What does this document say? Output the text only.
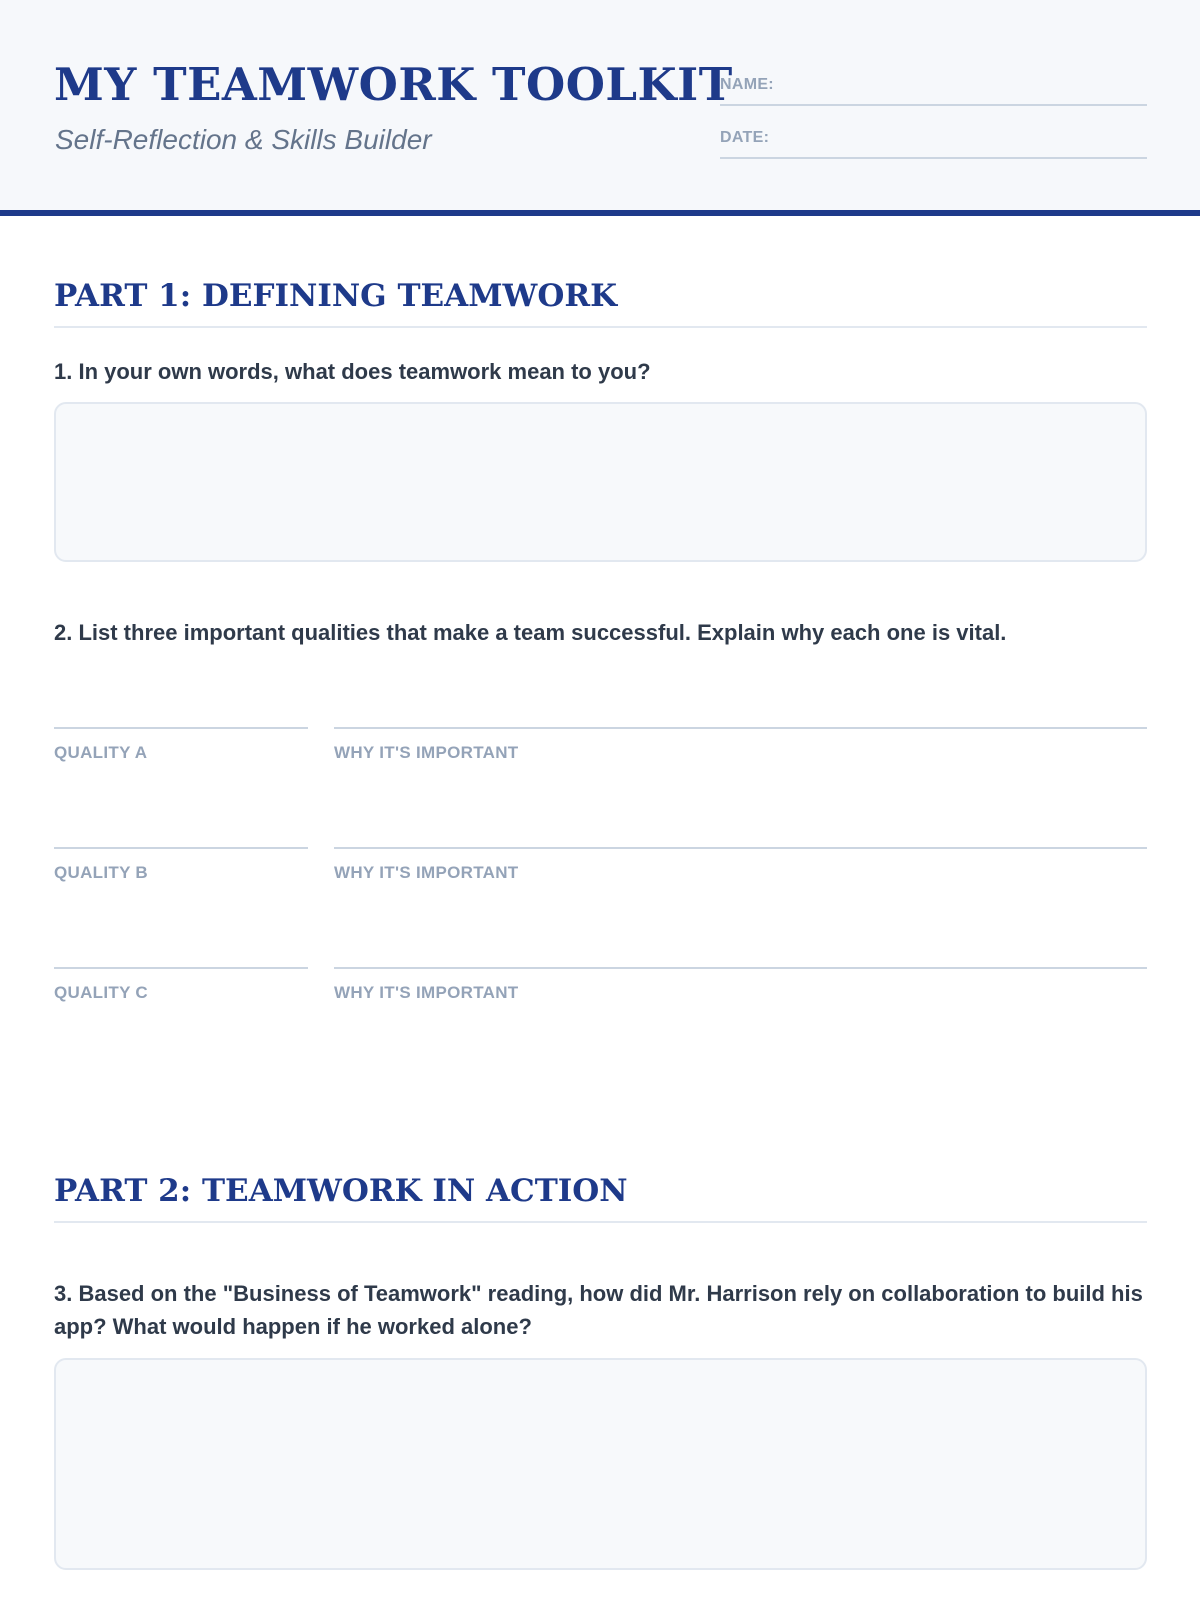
MY TEAMWORK TOOLKIT
Self-Reflection & Skills Builder
NAME:
DATE:
PART 1: DEFINING TEAMWORK
1. In your own words, what does teamwork mean to you?
2. List three important qualities that make a team successful. Explain why each one is vital.
QUALITY A	WHY IT'S IMPORTANT
QUALITY B	WHY IT'S IMPORTANT
QUALITY C	WHY IT'S IMPORTANT
PART 2: TEAMWORK IN ACTION
3. Based on the "Business of Teamwork" reading, how did Mr. Harrison rely on collaboration to build his app? What would happen if he worked alone?
